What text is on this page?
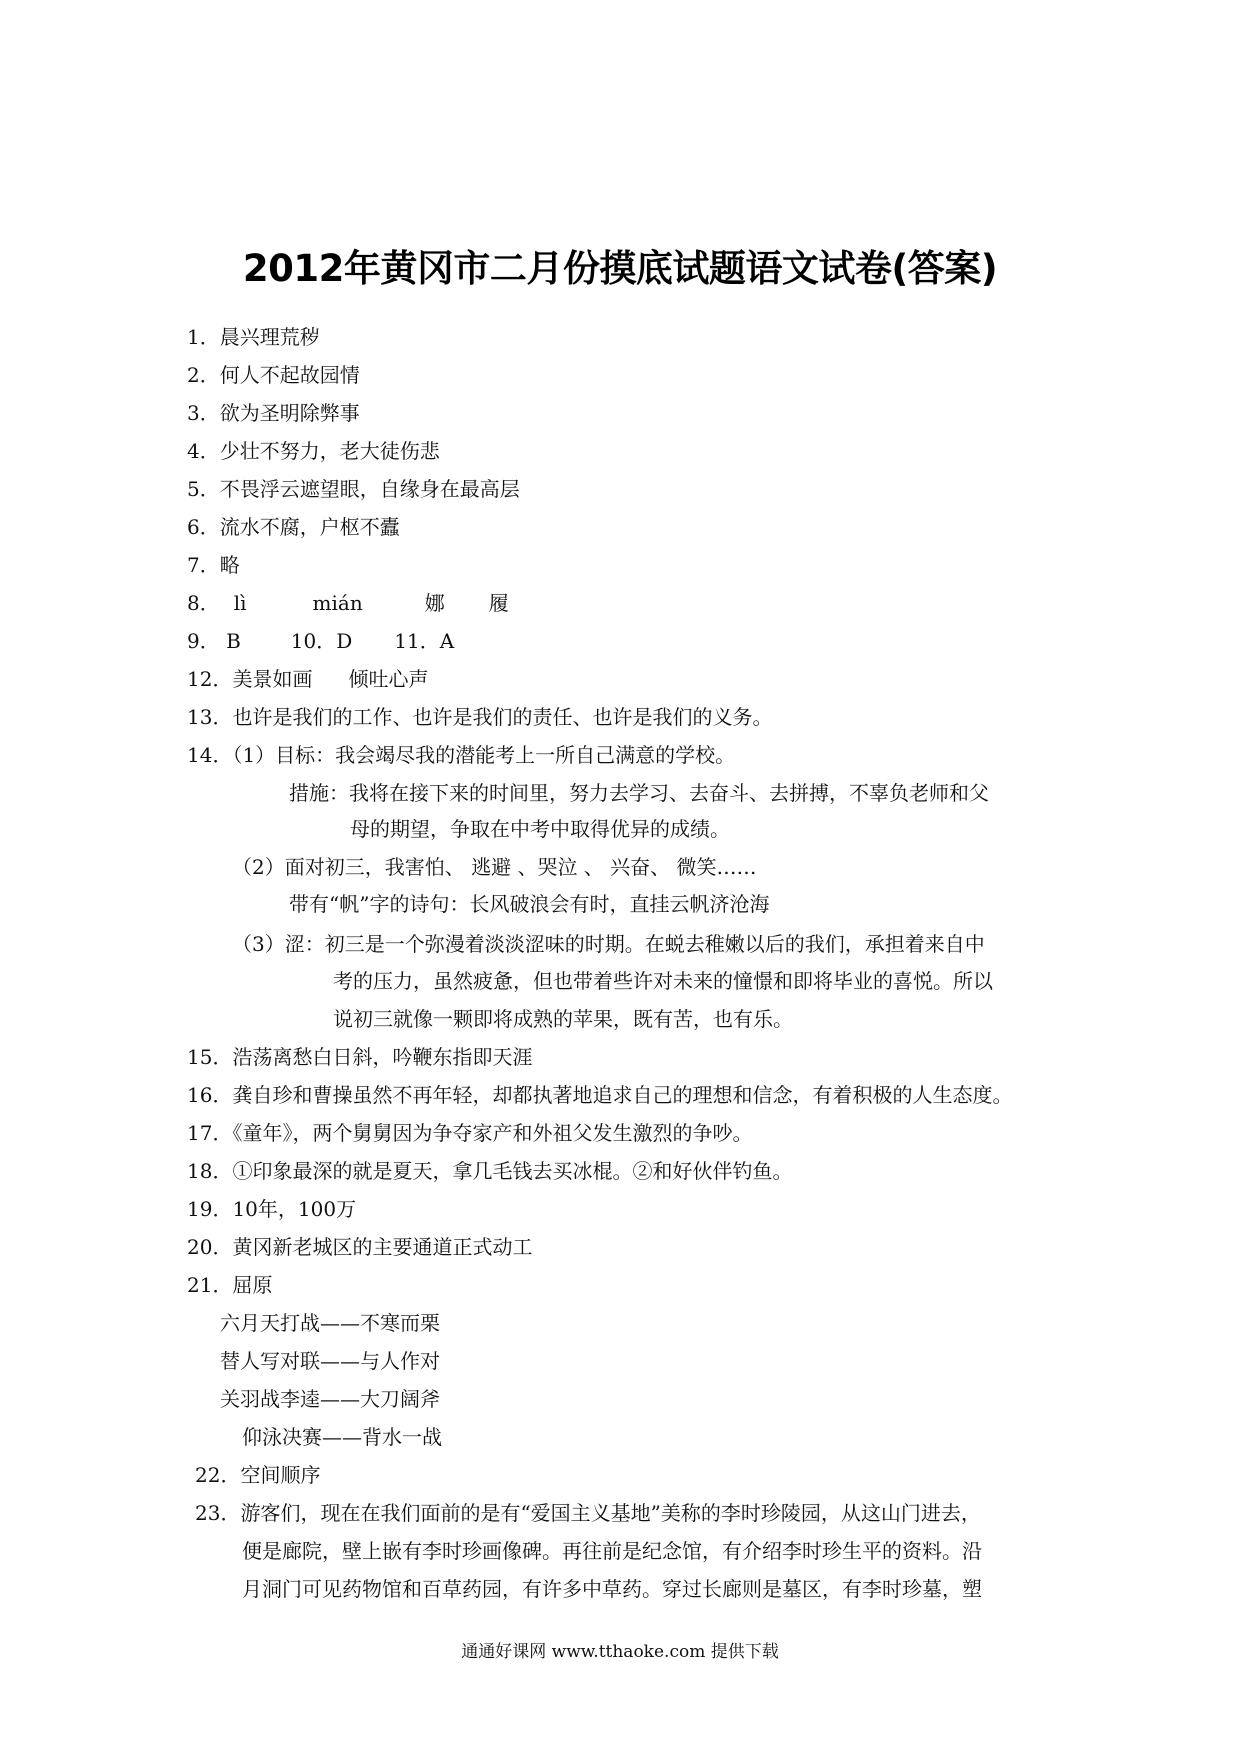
2012年黄冈市二月份摸底试题语文试卷(答案)
1．晨兴理荒秽
2．何人不起故园情
3．欲为圣明除弊事
4．少壮不努力，老大徒伤悲
5．不畏浮云遮望眼，自缘身在最高层
6．流水不腐，户枢不蠹
7．略
8． lì	mián	娜 履
9． B	10．D 11．A
12．美景如画 倾吐心声
13．也许是我们的工作、也许是我们的责任、也许是我们的义务。
14．（1）目标：我会竭尽我的潜能考上一所自己满意的学校。
措施：我将在接下来的时间里，努力去学习、去奋斗、去拼搏，不辜负老师和父
母的期望，争取在中考中取得优异的成绩。
（2）面对初三，我害怕、 逃避 、哭泣 、 兴奋、 微笑……
带有“帆”字的诗句：长风破浪会有时，直挂云帆济沧海
（3）涩：初三是一个弥漫着淡淡涩味的时期。在蜕去稚嫩以后的我们，承担着来自中
考的压力，虽然疲惫，但也带着些许对未来的憧憬和即将毕业的喜悦。所以
说初三就像一颗即将成熟的苹果，既有苦，也有乐。
15．浩荡离愁白日斜，吟鞭东指即天涯
16．龚自珍和曹操虽然不再年轻，却都执著地追求自己的理想和信念，有着积极的人生态度。
17．《童年》，两个舅舅因为争夺家产和外祖父发生激烈的争吵。
18．①印象最深的就是夏天，拿几毛钱去买冰棍。②和好伙伴钓鱼。
19．10年，100万
20．黄冈新老城区的主要通道正式动工
21．屈原
六月天打战——不寒而栗
替人写对联——与人作对
关羽战李逵——大刀阔斧
仰泳决赛——背水一战
22．空间顺序
23．游客们，现在在我们面前的是有“爱国主义基地”美称的李时珍陵园，从这山门进去，
便是廊院，壁上嵌有李时珍画像碑。再往前是纪念馆，有介绍李时珍生平的资料。沿
月洞门可见药物馆和百草药园，有许多中草药。穿过长廊则是墓区，有李时珍墓，塑
通通好课网 www.tthaoke.com 提供下载
